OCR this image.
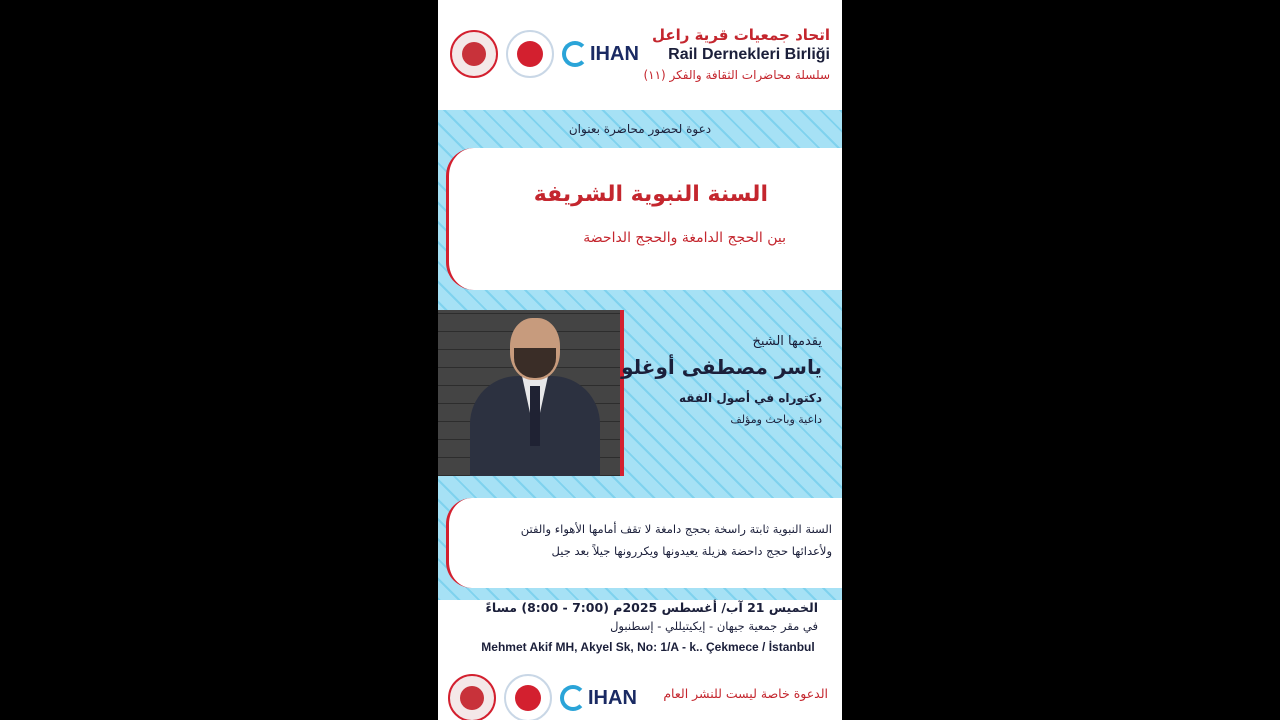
IHAN
اتحاد جمعيات قرية راعل
Rail Dernekleri Birliği
سلسلة محاضرات الثقافة والفكر (١١)
دعوة لحضور محاضرة بعنوان
السنة النبوية الشريفة
بين الحجج الدامغة والحجج الداحضة
يقدمها الشيخ
ياسر مصطفى أوغلو
دكتوراه في أصول الفقه
داعية وباحث ومؤلف
السنة النبوية ثابتة راسخة بحجج دامغة لا تقف أمامها الأهواء والفتن
ولأعدائها حجج داحضة هزيلة يعيدونها ويكررونها جيلاً بعد جيل
الخميس 21 آب/ أغسطس 2025م (7:00 - 8:00) مساءً
في مقر جمعية جيهان - إيكيتيللي - إسطنبول
Mehmet Akif MH, Akyel Sk, No: 1/A - k.. Çekmece / İstanbul
IHAN الدعوة خاصة ليست للنشر العام
